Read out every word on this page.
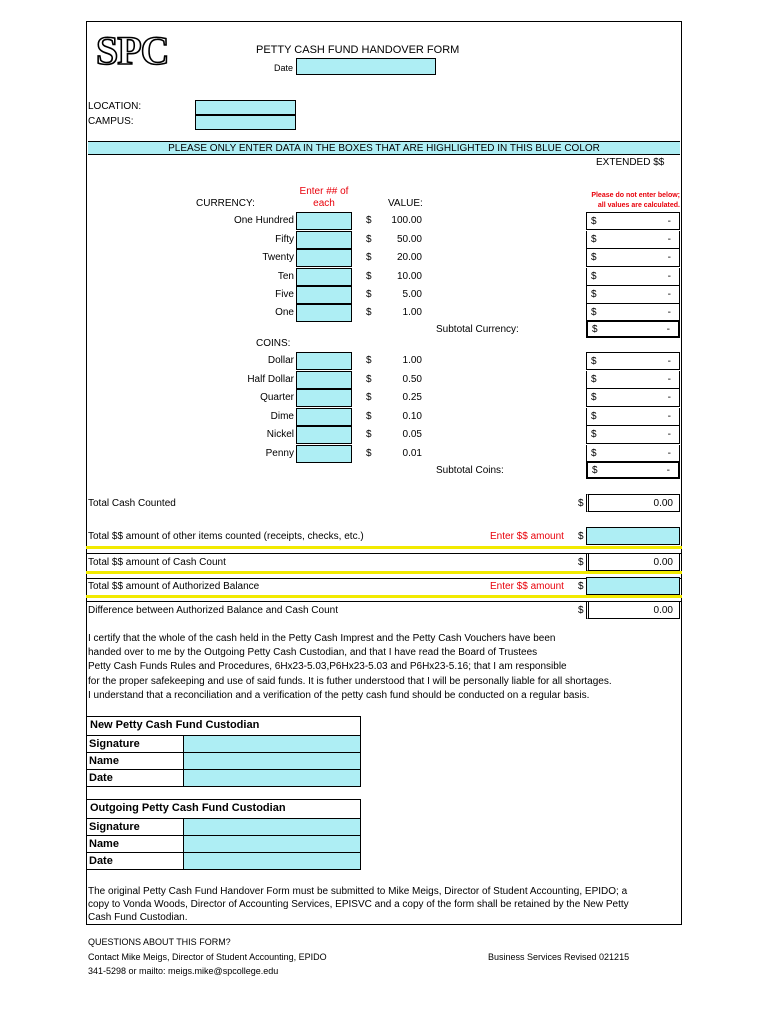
SPC	PETTY CASH FUND HANDOVER FORM
Date
LOCATION:
CAMPUS:
PLEASE ONLY ENTER DATA IN THE BOXES THAT ARE HIGHLIGHTED IN THIS BLUE COLOR
EXTENDED $$
Enter ## of each
CURRENCY:	VALUE:
Please do not enter below; all values are calculated.
One Hundred	$	100.00	$	-
Fifty	$	50.00	$	-
Twenty	$	20.00	$	-
Ten	$	10.00	$	-
Five	$	5.00	$	-
One	$	1.00	$	-
Dollar	$	1.00	$	-
Half Dollar	$	0.50	$	-
Quarter	$	0.25	$	-
Dime	$	0.10	$	-
Nickel	$	0.05	$	-
Penny	$	0.01	$	-
Subtotal Currency:	$	-
COINS:
Subtotal Coins:	$	-
Total Cash Counted	$	0.00
Total $$ amount of other items counted (receipts, checks, etc.)	Enter $$ amount $
Total $$ amount of Cash Count	$	0.00
Total $$ amount of Authorized Balance	Enter $$ amount $
Difference between Authorized Balance and Cash Count	$	0.00
I certify that the whole of the cash held in the Petty Cash Imprest and the Petty Cash Vouchers have been
handed over to me by the Outgoing Petty Cash Custodian, and that I have read the Board of Trustees
Petty Cash Funds Rules and Procedures, 6Hx23-5.03,P6Hx23-5.03 and P6Hx23-5.16; that I am responsible
for the proper safekeeping and use of said funds. It is futher understood that I will be personally liable for all shortages.
I understand that a reconciliation and a verification of the petty cash fund should be conducted on a regular basis.
New Petty Cash Fund Custodian
Signature
Name
Date
Outgoing Petty Cash Fund Custodian
Signature
Name
Date
The original Petty Cash Fund Handover Form must be submitted to Mike Meigs, Director of Student Accounting, EPIDO; a
copy to Vonda Woods, Director of Accounting Services, EPISVC and a copy of the form shall be retained by the New Petty
Cash Fund Custodian.
QUESTIONS ABOUT THIS FORM?
Contact Mike Meigs, Director of Student Accounting, EPIDO
341-5298 or mailto: meigs.mike@spcollege.edu
Business Services Revised 021215
